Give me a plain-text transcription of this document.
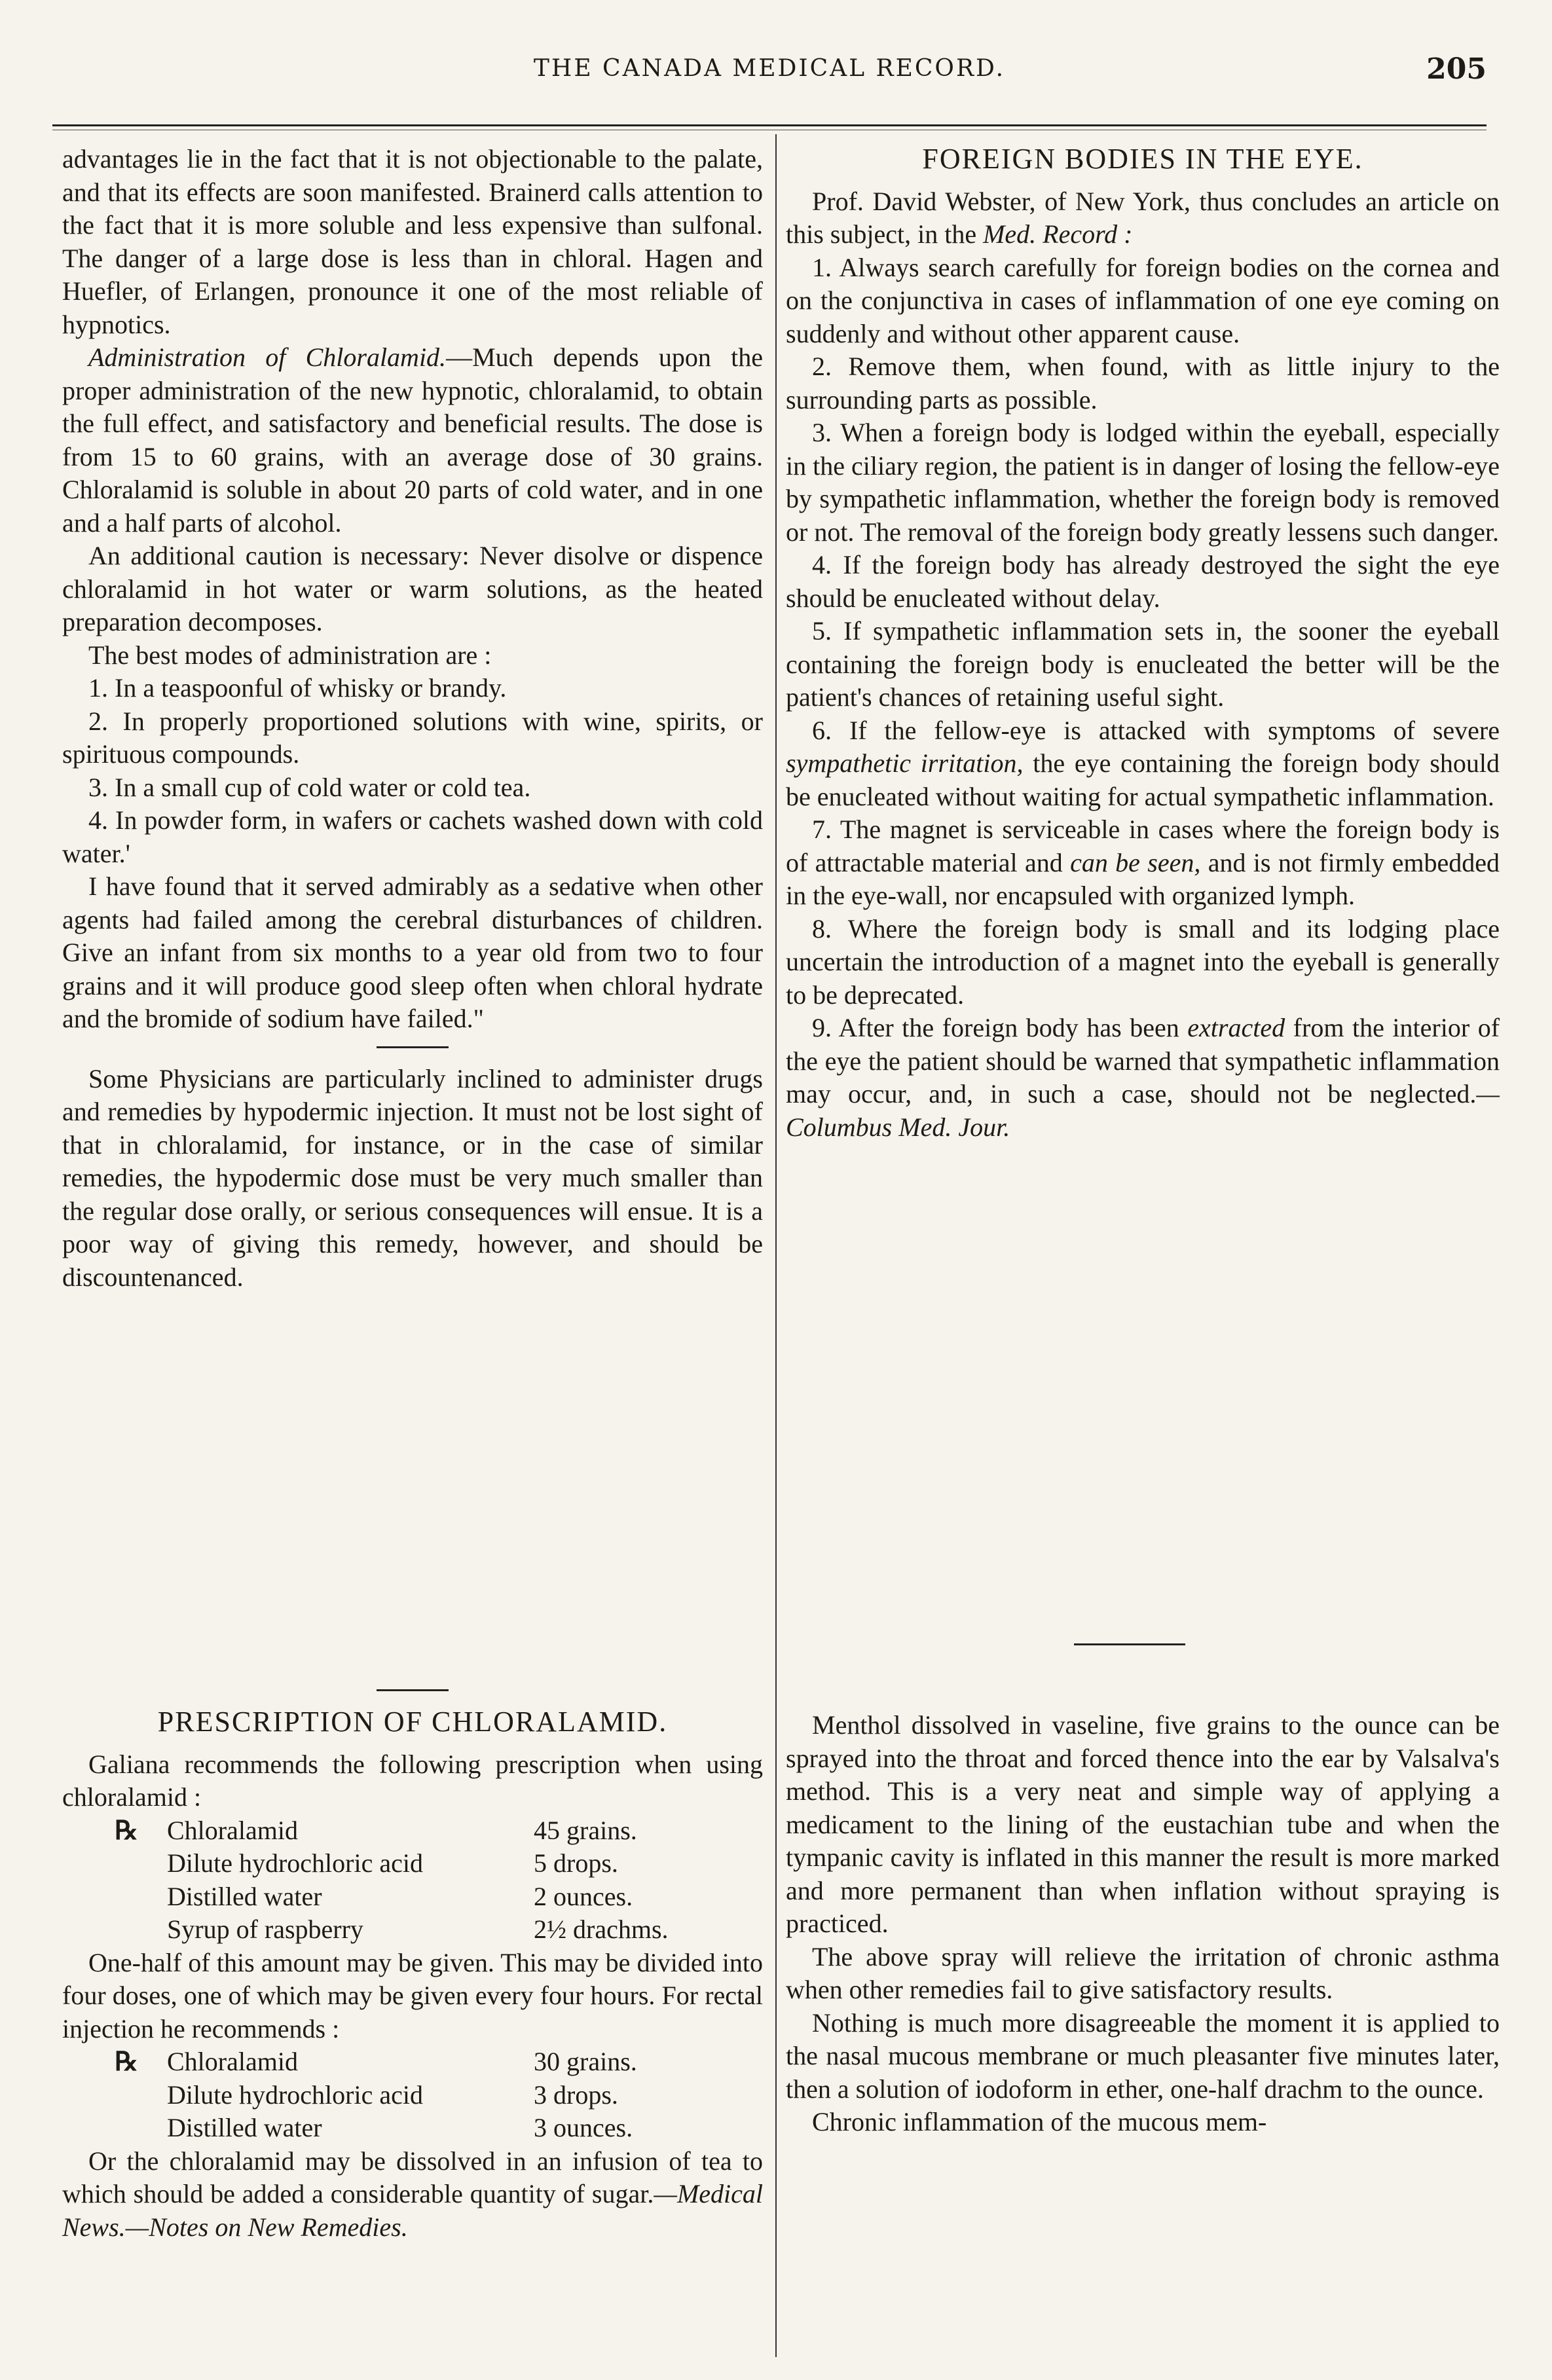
THE CANADA MEDICAL RECORD.	205

advantages lie in the fact that it is not objectionable to the palate, and that its effects are soon manifested. Brainerd calls attention to the fact that it is more soluble and less expensive than sulfonal. The danger of a large dose is less than in chloral. Hagen and Huefler, of Erlangen, pronounce it one of the most reliable of hypnotics.

Administration of Chloralamid.—Much depends upon the proper administration of the new hypnotic, chloralamid, to obtain the full effect, and satisfactory and beneficial results. The dose is from 15 to 60 grains, with an average dose of 30 grains. Chloralamid is soluble in about 20 parts of cold water, and in one and a half parts of alcohol.

An additional caution is necessary: Never disolve or dispence chloralamid in hot water or warm solutions, as the heated preparation decomposes.

The best modes of administration are :

1. In a teaspoonful of whisky or brandy.

2. In properly proportioned solutions with wine, spirits, or spirituous compounds.

3. In a small cup of cold water or cold tea.

4. In powder form, in wafers or cachets washed down with cold water.'

I have found that it served admirably as a sedative when other agents had failed among the cerebral disturbances of children. Give an infant from six months to a year old from two to four grains and it will produce good sleep often when chloral hydrate and the bromide of sodium have failed."

Some Physicians are particularly inclined to administer drugs and remedies by hypodermic injection. It must not be lost sight of that in chloralamid, for instance, or in the case of similar remedies, the hypodermic dose must be very much smaller than the regular dose orally, or serious consequences will ensue. It is a poor way of giving this remedy, however, and should be discountenanced.

PRESCRIPTION OF CHLORALAMID.

Galiana recommends the following prescription when using chloralamid :

℞	Chloralamid	45 grains.
Dilute hydrochloric acid	5 drops.
Distilled water	2 ounces.
Syrup of raspberry	2½ drachms.

One-half of this amount may be given. This may be divided into four doses, one of which may be given every four hours. For rectal injection he recommends :

℞	Chloralamid	30 grains.
Dilute hydrochloric acid	3 drops.
Distilled water	3 ounces.

Or the chloralamid may be dissolved in an infusion of tea to which should be added a considerable quantity of sugar.—Medical News.—Notes on New Remedies.

FOREIGN BODIES IN THE EYE.

Prof. David Webster, of New York, thus concludes an article on this subject, in the Med. Record :

1. Always search carefully for foreign bodies on the cornea and on the conjunctiva in cases of inflammation of one eye coming on suddenly and without other apparent cause.

2. Remove them, when found, with as little injury to the surrounding parts as possible.

3. When a foreign body is lodged within the eyeball, especially in the ciliary region, the patient is in danger of losing the fellow-eye by sympathetic inflammation, whether the foreign body is removed or not. The removal of the foreign body greatly lessens such danger.

4. If the foreign body has already destroyed the sight the eye should be enucleated without delay.

5. If sympathetic inflammation sets in, the sooner the eyeball containing the foreign body is enucleated the better will be the patient's chances of retaining useful sight.

6. If the fellow-eye is attacked with symptoms of severe sympathetic irritation, the eye containing the foreign body should be enucleated without waiting for actual sympathetic inflammation.

7. The magnet is serviceable in cases where the foreign body is of attractable material and can be seen, and is not firmly embedded in the eye-wall, nor encapsuled with organized lymph.

8. Where the foreign body is small and its lodging place uncertain the introduction of a magnet into the eyeball is generally to be deprecated.

9. After the foreign body has been extracted from the interior of the eye the patient should be warned that sympathetic inflammation may occur, and, in such a case, should not be neglected.—Columbus Med. Jour.

Menthol dissolved in vaseline, five grains to the ounce can be sprayed into the throat and forced thence into the ear by Valsalva's method. This is a very neat and simple way of applying a medicament to the lining of the eustachian tube and when the tympanic cavity is inflated in this manner the result is more marked and more permanent than when inflation without spraying is practiced.

The above spray will relieve the irritation of chronic asthma when other remedies fail to give satisfactory results.

Nothing is much more disagreeable the moment it is applied to the nasal mucous membrane or much pleasanter five minutes later, then a solution of iodoform in ether, one-half drachm to the ounce.

Chronic inflammation of the mucous mem-
